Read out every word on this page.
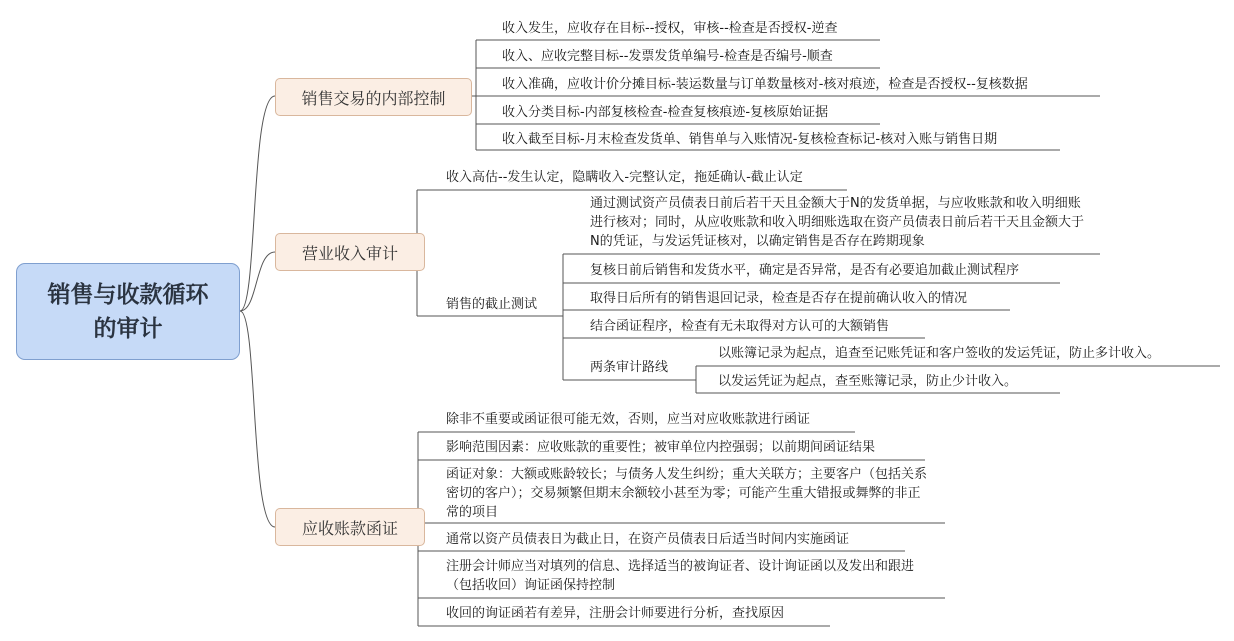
销售与收款循环的审计
销售交易的内部控制
收入发生，应收存在目标--授权，审核--检查是否授权-逆查
收入、应收完整目标--发票发货单编号-检查是否编号-顺查
收入准确，应收计价分摊目标-装运数量与订单数量核对-核对痕迹，检查是否授权--复核数据
收入分类目标-内部复核检查-检查复核痕迹-复核原始证据
收入截至目标-月末检查发货单、销售单与入账情况-复核检查标记-核对入账与销售日期
营业收入审计
收入高估--发生认定，隐瞒收入-完整认定，拖延确认-截止认定
销售的截止测试
通过测试资产员债表日前后若干天且金额大于N的发货单据，与应收账款和收入明细账进行核对；同时，从应收账款和收入明细账选取在资产员债表日前后若干天且金额大于N的凭证，与发运凭证核对，以确定销售是否存在跨期现象
复核日前后销售和发货水平，确定是否异常，是否有必要追加截止测试程序
取得日后所有的销售退回记录，检查是否存在提前确认收入的情况
结合函证程序，检查有无未取得对方认可的大额销售
两条审计路线
以账簿记录为起点，追查至记账凭证和客户签收的发运凭证，防止多计收入。
以发运凭证为起点，查至账簿记录，防止少计收入。
应收账款函证
除非不重要或函证很可能无效，否则，应当对应收账款进行函证
影响范围因素：应收账款的重要性；被审单位内控强弱；以前期间函证结果
函证对象：大额或账龄较长；与债务人发生纠纷；重大关联方；主要客户（包括关系密切的客户）；交易频繁但期末余额较小甚至为零；可能产生重大错报或舞弊的非正常的项目
通常以资产员债表日为截止日，在资产员债表日后适当时间内实施函证
注册会计师应当对填列的信息、选择适当的被询证者、设计询证函以及发出和跟进（包括收回）询证函保持控制
收回的询证函若有差异，注册会计师要进行分析，查找原因
